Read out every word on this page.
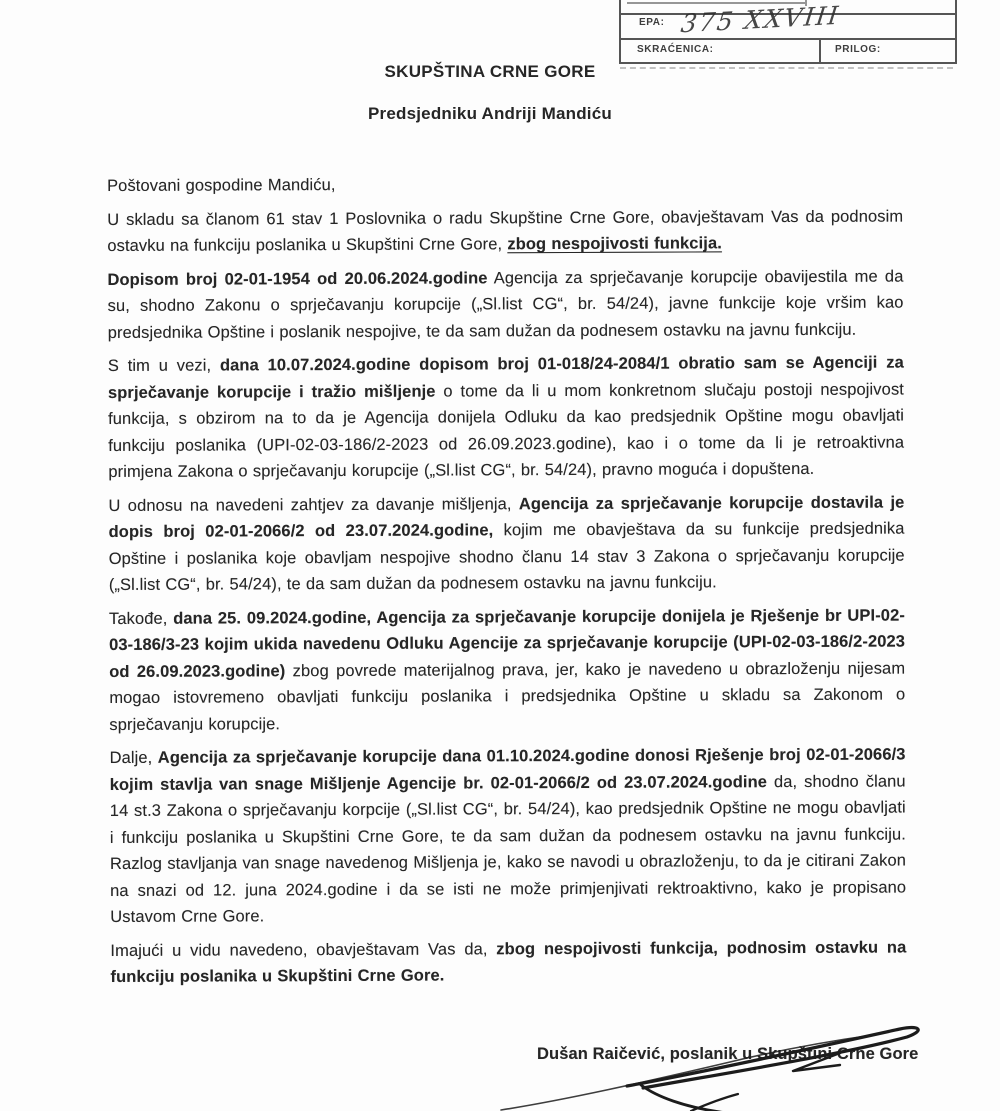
EPA: 375 XXVIII
SKRAĆENICA:	PRILOG:
SKUPŠTINA CRNE GORE
Predsjedniku Andriji Mandiću

Poštovani gospodine Mandiću,

U skladu sa članom 61 stav 1 Poslovnika o radu Skupštine Crne Gore, obavještavam Vas da podnosim ostavku na funkciju poslanika u Skupštini Crne Gore, zbog nespojivosti funkcija.

Dopisom broj 02-01-1954 od 20.06.2024.godine Agencija za sprječavanje korupcije obavijestila me da su, shodno Zakonu o sprječavanju korupcije („Sl.list CG“, br. 54/24), javne funkcije koje vršim kao predsjednika Opštine i poslanik nespojive, te da sam dužan da podnesem ostavku na javnu funkciju.

S tim u vezi, dana 10.07.2024.godine dopisom broj 01-018/24-2084/1 obratio sam se Agenciji za sprječavanje korupcije i tražio mišljenje o tome da li u mom konkretnom slučaju postoji nespojivost funkcija, s obzirom na to da je Agencija donijela Odluku da kao predsjednik Opštine mogu obavljati funkciju poslanika (UPI-02-03-186/2-2023 od 26.09.2023.godine), kao i o tome da li je retroaktivna primjena Zakona o sprječavanju korupcije („Sl.list CG“, br. 54/24), pravno moguća i dopuštena.

U odnosu na navedeni zahtjev za davanje mišljenja, Agencija za sprječavanje korupcije dostavila je dopis broj 02-01-2066/2 od 23.07.2024.godine, kojim me obavještava da su funkcije predsjednika Opštine i poslanika koje obavljam nespojive shodno članu 14 stav 3 Zakona o sprječavanju korupcije („Sl.list CG“, br. 54/24), te da sam dužan da podnesem ostavku na javnu funkciju.

Takođe, dana 25. 09.2024.godine, Agencija za sprječavanje korupcije donijela je Rješenje br UPI-02-03-186/3-23 kojim ukida navedenu Odluku Agencije za sprječavanje korupcije (UPI-02-03-186/2-2023 od 26.09.2023.godine) zbog povrede materijalnog prava, jer, kako je navedeno u obrazloženju nijesam mogao istovremeno obavljati funkciju poslanika i predsjednika Opštine u skladu sa Zakonom o sprječavanju korupcije.

Dalje, Agencija za sprječavanje korupcije dana 01.10.2024.godine donosi Rješenje broj 02-01-2066/3 kojim stavlja van snage Mišljenje Agencije br. 02-01-2066/2 od 23.07.2024.godine da, shodno članu 14 st.3 Zakona o sprječavanju korpcije („Sl.list CG“, br. 54/24), kao predsjednik Opštine ne mogu obavljati i funkciju poslanika u Skupštini Crne Gore, te da sam dužan da podnesem ostavku na javnu funkciju. Razlog stavljanja van snage navedenog Mišljenja je, kako se navodi u obrazloženju, to da je citirani Zakon na snazi od 12. juna 2024.godine i da se isti ne može primjenjivati rektroaktivno, kako je propisano Ustavom Crne Gore.

Imajući u vidu navedeno, obavještavam Vas da, zbog nespojivosti funkcija, podnosim ostavku na funkciju poslanika u Skupštini Crne Gore.

Dušan Raičević, poslanik u Skupštini Crne Gore
